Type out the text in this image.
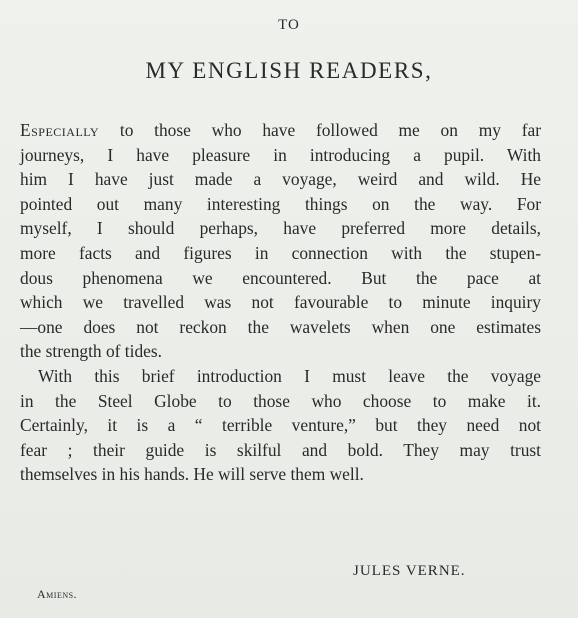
TO
MY ENGLISH READERS,
Especially to those who have followed me on my far
journeys, I have pleasure in introducing a pupil. With
him I have just made a voyage, weird and wild. He
pointed out many interesting things on the way. For
myself, I should perhaps, have preferred more details,
more facts and figures in connection with the stupen-
dous phenomena we encountered. But the pace at
which we travelled was not favourable to minute inquiry
—one does not reckon the wavelets when one estimates
the strength of tides.
With this brief introduction I must leave the voyage
in the Steel Globe to those who choose to make it.
Certainly, it is a “ terrible venture,” but they need not
fear ; their guide is skilful and bold. They may trust
themselves in his hands. He will serve them well.
JULES VERNE.
Amiens.
